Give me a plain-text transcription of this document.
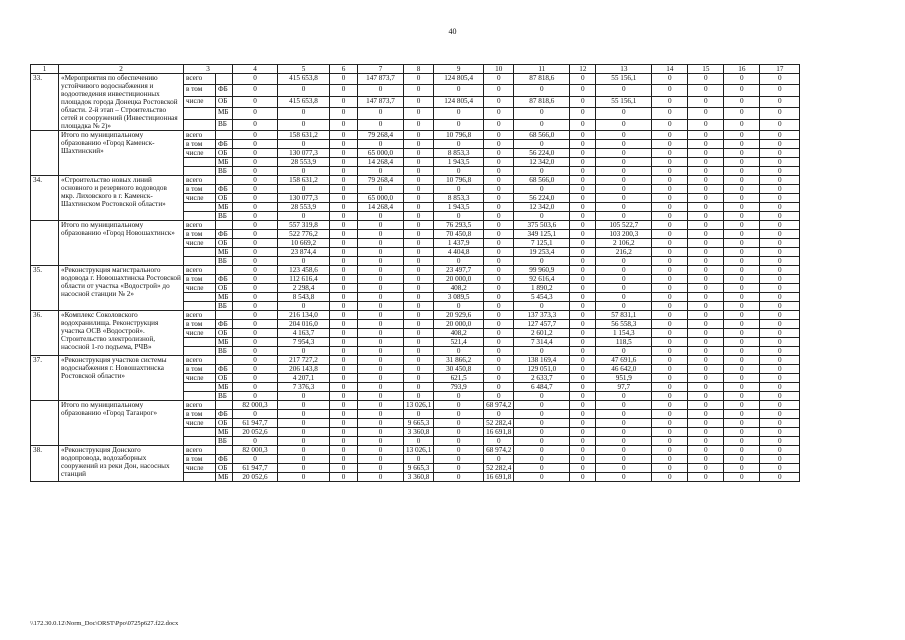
40
1	2	3		4	5	6	7	8	9	10	11	12	13	14	15	16	17
33.	«Мероприятия по обеспечению устойчивого водоснабжения и водоотведения инвестиционных площадок города Донецка Ростовской области. 2-й этап – Строительство сетей и сооружений (Инвестиционная площадка № 2)»	всего		0	415 653,8	0	147 873,7	0	124 805,4	0	87 818,6	0	55 156,1	0	0	0	0
		в том	ФБ	0	0	0	0	0	0	0	0	0	0	0	0	0	0
		числе	ОБ	0	415 653,8	0	147 873,7	0	124 805,4	0	87 818,6	0	55 156,1	0	0	0	0
			МБ	0	0	0	0	0	0	0	0	0	0	0	0	0	0
			ВБ	0	0	0	0	0	0	0	0	0	0	0	0	0	0
	Итого по муниципальному образованию «Город Каменск-Шахтинский»	всего		0	158 631,2	0	79 268,4	0	10 796,8	0	68 566,0	0	0	0	0	0	0
		в том	ФБ	0	0	0	0	0	0	0	0	0	0	0	0	0	0
		числе	ОБ	0	130 077,3	0	65 000,0	0	8 853,3	0	56 224,0	0	0	0	0	0	0
			МБ	0	28 553,9	0	14 268,4	0	1 943,5	0	12 342,0	0	0	0	0	0	0
			ВБ	0	0	0	0	0	0	0	0	0	0	0	0	0	0
34.	«Строительство новых линий основного и резервного водоводов мкр. Лиховского в г. Каменск-Шахтинском Ростовской области»	всего		0	158 631,2	0	79 268,4	0	10 796,8	0	68 566,0	0	0	0	0	0	0
		в том	ФБ	0	0	0	0	0	0	0	0	0	0	0	0	0	0
		числе	ОБ	0	130 077,3	0	65 000,0	0	8 853,3	0	56 224,0	0	0	0	0	0	0
			МБ	0	28 553,9	0	14 268,4	0	1 943,5	0	12 342,0	0	0	0	0	0	0
			ВБ	0	0	0	0	0	0	0	0	0	0	0	0	0	0
	Итого по муниципальному образованию «Город Новошахтинск»	всего		0	557 319,8	0	0	0	76 293,5	0	375 503,6	0	105 522,7	0	0	0	0
		в том	ФБ	0	522 776,2	0	0	0	70 450,8	0	349 125,1	0	103 200,3	0	0	0	0
		числе	ОБ	0	10 669,2	0	0	0	1 437,9	0	7 125,1	0	2 106,2	0	0	0	0
			МБ	0	23 874,4	0	0	0	4 404,8	0	19 253,4	0	216,2	0	0	0	0
			ВБ	0	0	0	0	0	0	0	0	0	0	0	0	0	0
35.	«Реконструкция магистрального водовода г. Новошахтинска Ростовской области от участка «Водострой» до насосной станции № 2»	всего		0	123 458,6	0	0	0	23 497,7	0	99 960,9	0	0	0	0	0	0
		в том	ФБ	0	112 616,4	0	0	0	20 000,0	0	92 616,4	0	0	0	0	0	0
		числе	ОБ	0	2 298,4	0	0	0	408,2	0	1 890,2	0	0	0	0	0	0
			МБ	0	8 543,8	0	0	0	3 089,5	0	5 454,3	0	0	0	0	0	0
			ВБ	0	0	0	0	0	0	0	0	0	0	0	0	0	0
36.	«Комплекс Соколовского водохранилища. Реконструкция участка ОСВ «Водострой». Строительство электролизной, насосной 1-го подъема, РЧВ»	всего		0	216 134,0	0	0	0	20 929,6	0	137 373,3	0	57 831,1	0	0	0	0
		в том	ФБ	0	204 016,0	0	0	0	20 000,0	0	127 457,7	0	56 558,3	0	0	0	0
		числе	ОБ	0	4 163,7	0	0	0	408,2	0	2 601,2	0	1 154,3	0	0	0	0
			МБ	0	7 954,3	0	0	0	521,4	0	7 314,4	0	118,5	0	0	0	0
			ВБ	0	0	0	0	0	0	0	0	0	0	0	0	0	0
37.	«Реконструкция участков системы водоснабжения г. Новошахтинска Ростовской области»	всего		0	217 727,2	0	0	0	31 866,2	0	138 169,4	0	47 691,6	0	0	0	0
		в том	ФБ	0	206 143,8	0	0	0	30 450,8	0	129 051,0	0	46 642,0	0	0	0	0
		числе	ОБ	0	4 207,1	0	0	0	621,5	0	2 633,7	0	951,9	0	0	0	0
			МБ	0	7 376,3	0	0	0	793,9	0	6 484,7	0	97,7	0	0	0	0
			ВБ	0	0	0	0	0	0	0	0	0	0	0	0	0	0
	Итого по муниципальному образованию «Город Таганрог»	всего		82 000,3	0	0	0	13 026,1	0	68 974,2	0	0	0	0	0	0	0
		в том	ФБ	0	0	0	0	0	0	0	0	0	0	0	0	0	0
		числе	ОБ	61 947,7	0	0	0	9 665,3	0	52 282,4	0	0	0	0	0	0	0
			МБ	20 052,6	0	0	0	3 360,8	0	16 691,8	0	0	0	0	0	0	0
			ВБ	0	0	0	0	0	0	0	0	0	0	0	0	0	0
38.	«Реконструкция Донского водопровода, водозаборных сооружений из реки Дон, насосных станций	всего		82 000,3	0	0	0	13 026,1	0	68 974,2	0	0	0	0	0	0	0
		в том	ФБ	0	0	0	0	0	0	0	0	0	0	0	0	0	0
		числе	ОБ	61 947,7	0	0	0	9 665,3	0	52 282,4	0	0	0	0	0	0	0
			МБ	20 052,6	0	0	0	3 360,8	0	16 691,8	0	0	0	0	0	0	0
\\172.30.0.12\Norm_Doc\ORST\Ppo\0725p627.f22.docx
